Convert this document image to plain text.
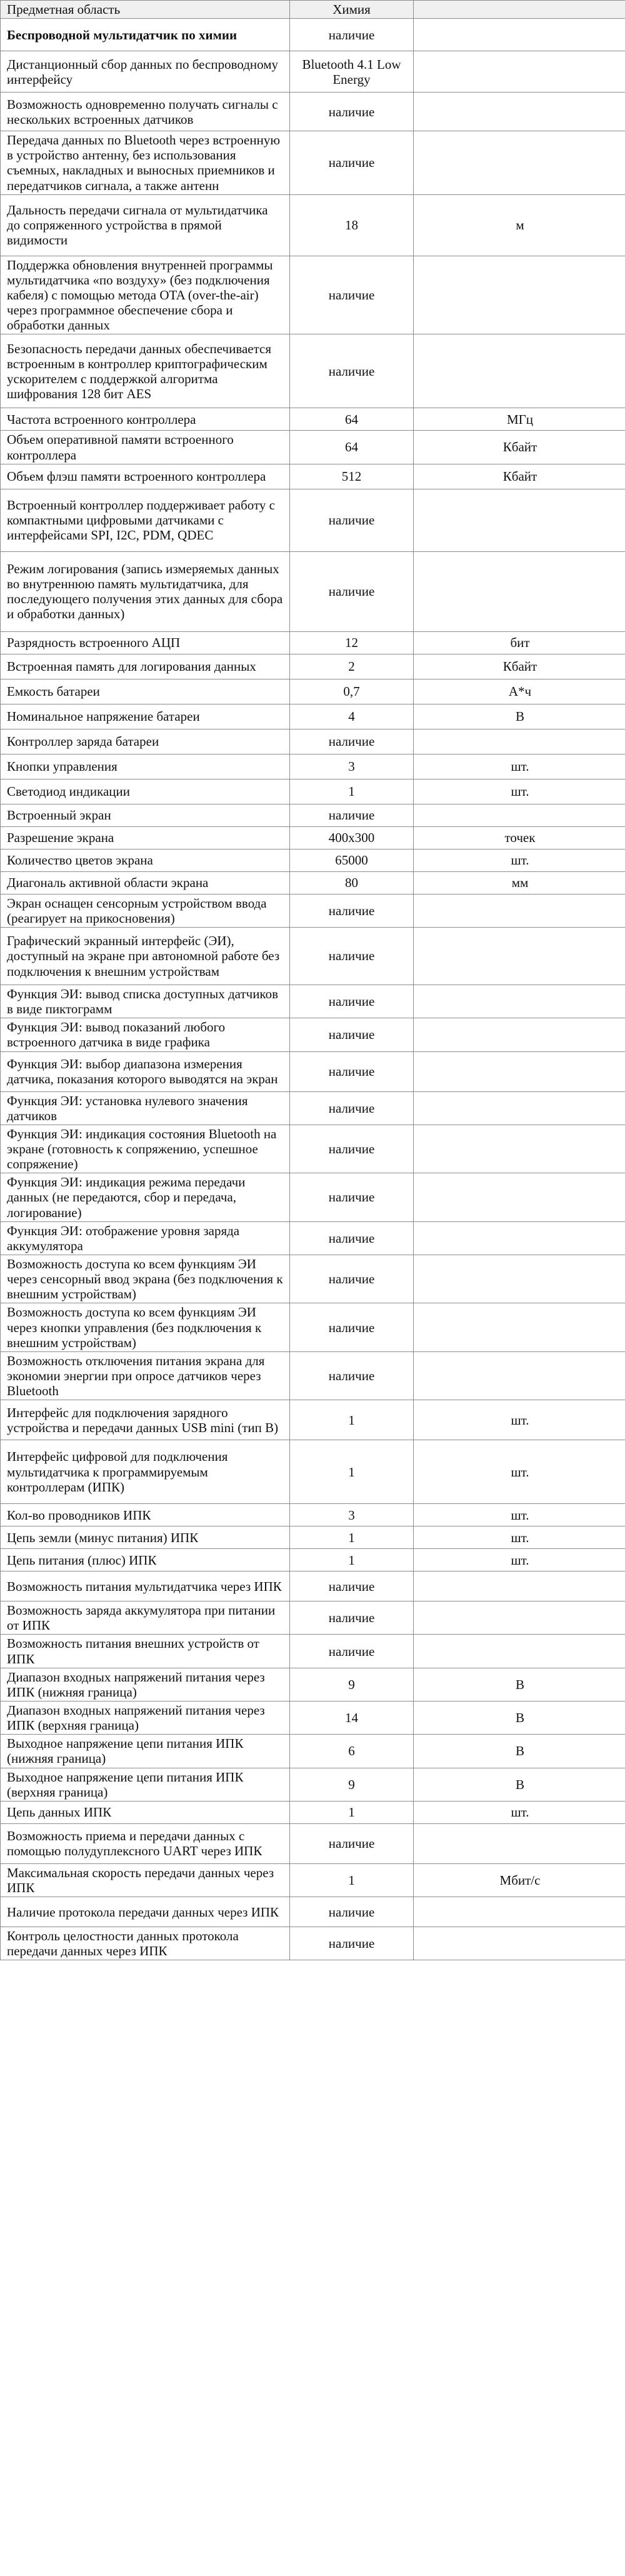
Предметная область	Химия	
Беспроводной мультидатчик по химии	наличие	
Дистанционный сбор данных по беспроводному интерфейсу	Bluetooth 4.1 Low Energy	
Возможность одновременно получать сигналы с нескольких встроенных датчиков	наличие	
Передача данных по Bluetooth через встроенную в устройство антенну, без использования съемных, накладных и выносных приемников и передатчиков сигнала, а также антенн	наличие	
Дальность передачи сигнала от мультидатчика до сопряженного устройства в прямой видимости	18	м
Поддержка обновления внутренней программы мультидатчика «по воздуху» (без подключения кабеля) с помощью метода OTA (over-the-air) через программное обеспечение сбора и обработки данных	наличие	
Безопасность передачи данных обеспечивается встроенным в контроллер криптографическим ускорителем с поддержкой алгоритма шифрования 128 бит AES	наличие	
Частота встроенного контроллера	64	МГц
Объем оперативной памяти встроенного контроллера	64	Кбайт
Объем флэш памяти встроенного контроллера	512	Кбайт
Встроенный контроллер поддерживает работу с компактными цифровыми датчиками с интерфейсами SPI, I2C, PDM, QDEC	наличие	
Режим логирования (запись измеряемых данных во внутреннюю память мультидатчика, для последующего получения этих данных для сбора и обработки данных)	наличие	
Разрядность встроенного АЦП	12	бит
Встроенная память для логирования данных	2	Кбайт
Емкость батареи	0,7	А*ч
Номинальное напряжение батареи	4	В
Контроллер заряда батареи	наличие	
Кнопки управления	3	шт.
Светодиод индикации	1	шт.
Встроенный экран	наличие	
Разрешение экрана	400х300	точек
Количество цветов экрана	65000	шт.
Диагональ активной области экрана	80	мм
Экран оснащен сенсорным устройством ввода (реагирует на прикосновения)	наличие	
Графический экранный интерфейс (ЭИ), доступный на экране при автономной работе без подключения к внешним устройствам	наличие	
Функция ЭИ: вывод списка доступных датчиков в виде пиктограмм	наличие	
Функция ЭИ: вывод показаний любого встроенного датчика в виде графика	наличие	
Функция ЭИ: выбор диапазона измерения датчика, показания которого выводятся на экран	наличие	
Функция ЭИ: установка нулевого значения датчиков	наличие	
Функция ЭИ: индикация состояния Bluetooth на экране (готовность к сопряжению, успешное сопряжение)	наличие	
Функция ЭИ: индикация режима передачи данных (не передаются, сбор и передача, логирование)	наличие	
Функция ЭИ: отображение уровня заряда аккумулятора	наличие	
Возможность доступа ко всем функциям ЭИ через сенсорный ввод экрана (без подключения к внешним устройствам)	наличие	
Возможность доступа ко всем функциям ЭИ через кнопки управления (без подключения к внешним устройствам)	наличие	
Возможность отключения питания экрана для экономии энергии при опросе датчиков через Bluetooth	наличие	
Интерфейс для подключения зарядного устройства и передачи данных USB mini (тип B)	1	шт.
Интерфейс цифровой для подключения мультидатчика к программируемым контроллерам (ИПК)	1	шт.
Кол-во проводников ИПК	3	шт.
Цепь земли (минус питания) ИПК	1	шт.
Цепь питания (плюс) ИПК	1	шт.
Возможность питания мультидатчика через ИПК	наличие	
Возможность заряда аккумулятора при питании от ИПК	наличие	
Возможность питания внешних устройств от ИПК	наличие	
Диапазон входных напряжений питания через ИПК (нижняя граница)	9	В
Диапазон входных напряжений питания через ИПК (верхняя граница)	14	В
Выходное напряжение цепи питания ИПК (нижняя граница)	6	В
Выходное напряжение цепи питания ИПК (верхняя граница)	9	В
Цепь данных ИПК	1	шт.
Возможность приема и передачи данных с помощью полудуплексного UART через ИПК	наличие	
Максимальная скорость передачи данных через ИПК	1	Мбит/с
Наличие протокола передачи данных через ИПК	наличие	
Контроль целостности данных протокола передачи данных через ИПК	наличие	
